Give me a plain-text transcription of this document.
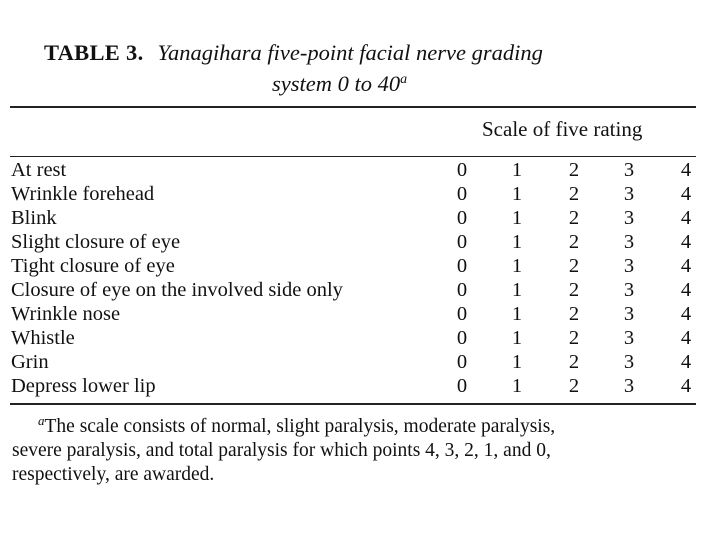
TABLE 3. Yanagihara five-point facial nerve grading
system 0 to 40$^a$
Scale of five rating
At rest	0 1 2 3 4
Wrinkle forehead	0 1 2 3 4
Blink	0 1 2 3 4
Slight closure of eye	0 1 2 3 4
Tight closure of eye	0 1 2 3 4
Closure of eye on the involved side only	0 1 2 3 4
Wrinkle nose	0 1 2 3 4
Whistle	0 1 2 3 4
Grin	0 1 2 3 4
Depress lower lip	0 1 2 3 4
$^a$The scale consists of normal, slight paralysis, moderate paralysis,
severe paralysis, and total paralysis for which points 4, 3, 2, 1, and 0,
respectively, are awarded.
